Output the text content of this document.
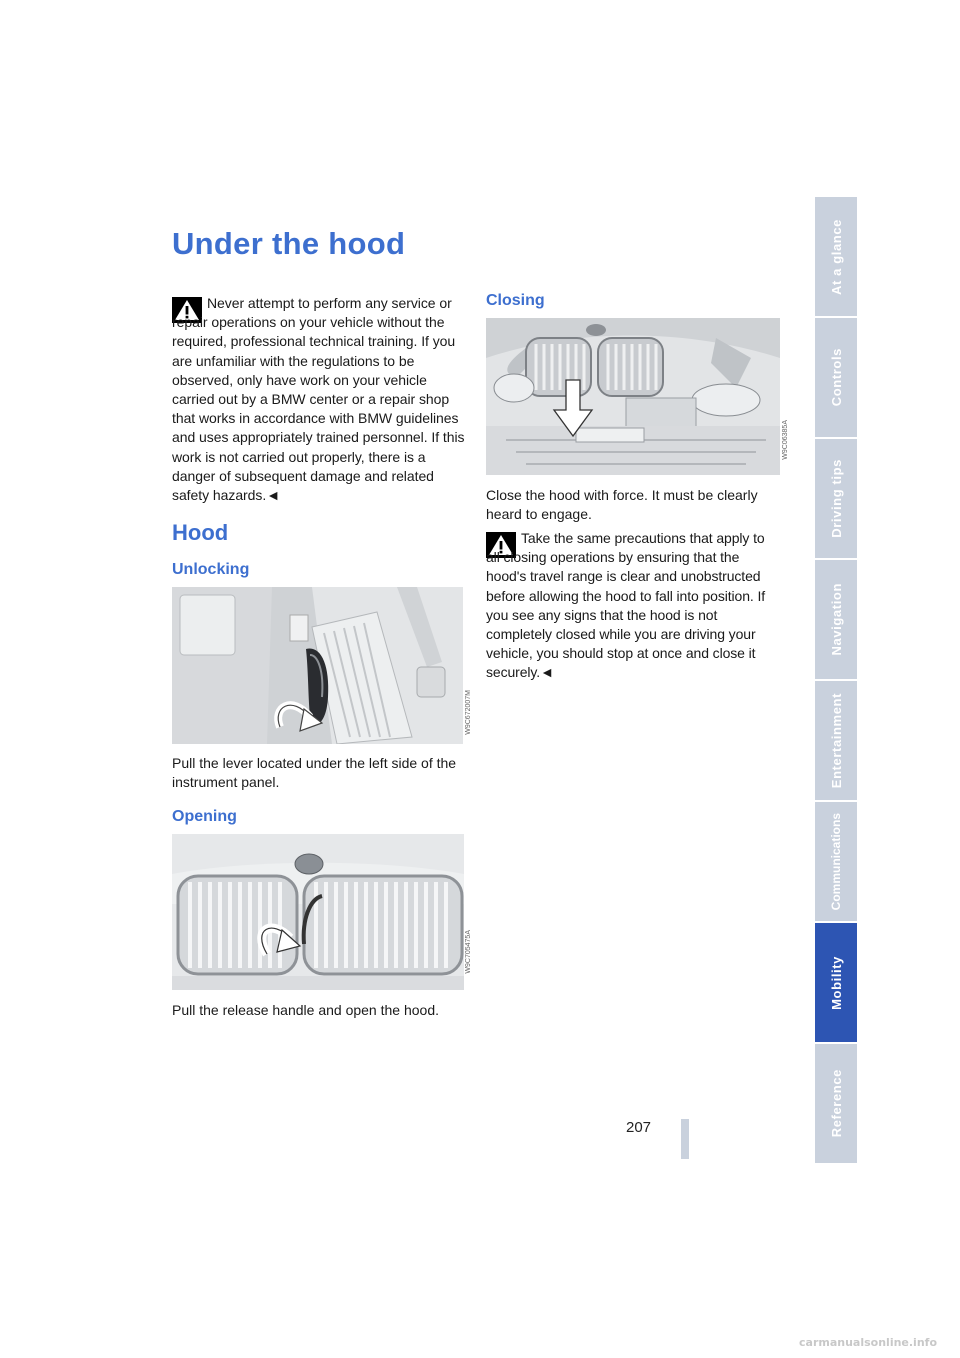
Under the hood

Never attempt to perform any service or repair operations on your vehicle without the required, professional technical training. If you are unfamiliar with the regulations to be observed, only have work on your vehicle carried out by a BMW center or a repair shop that works in accordance with BMW guidelines and uses appropriately trained personnel. If this work is not carried out properly, there is a danger of subsequent damage and related safety hazards.◄

Hood
Unlocking
W9C672007M

Pull the lever located under the left side of the instrument panel.

Opening
W9C705475A

Pull the release handle and open the hood.

Closing
W9C06385A

Close the hood with force. It must be clearly heard to engage.

Take the same precautions that apply to all closing operations by ensuring that the hood's travel range is clear and unobstructed before allowing the hood to fall into position. If you see any signs that the hood is not completely closed while you are driving your vehicle, you should stop at once and close it securely.◄

At a glance
Controls
Driving tips
Navigation
Entertainment
Communications
Mobility
Reference
207
carmanualsonline.info
